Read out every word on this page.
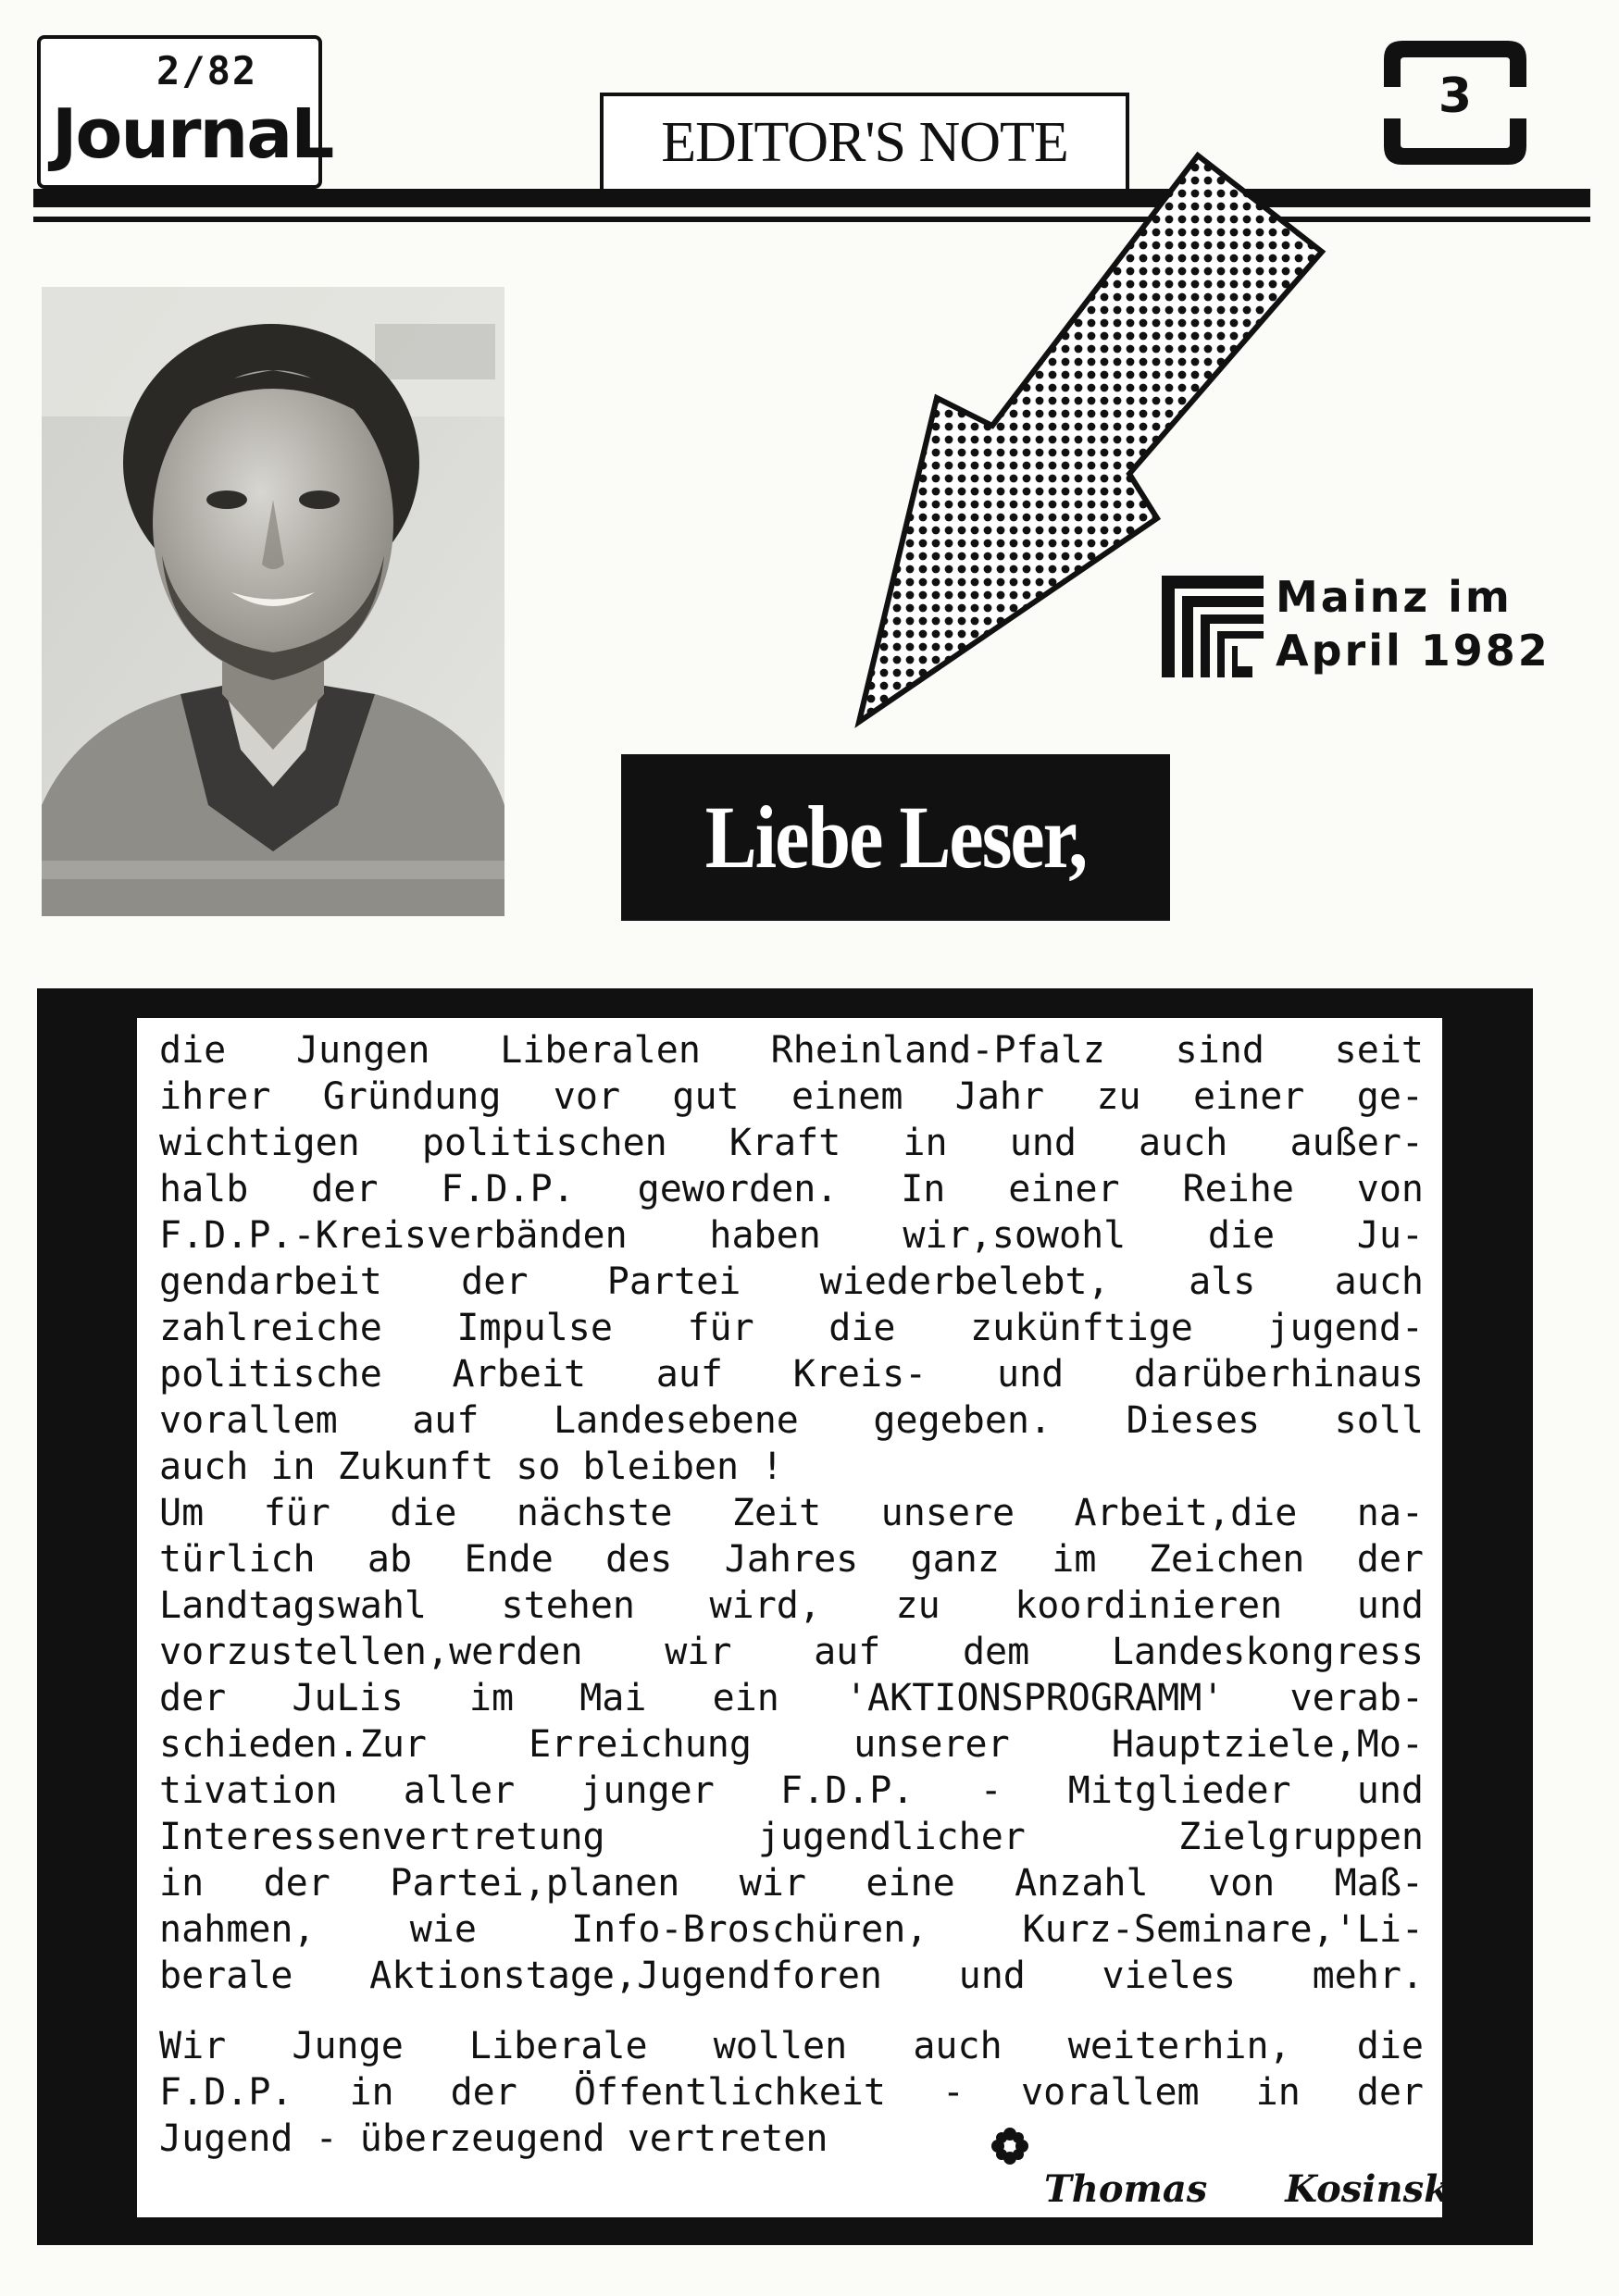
2/82
JournaL	EDITOR'S NOTE
3
Mainz im
April 1982
Liebe Leser,
die Jungen Liberalen Rheinland-Pfalz sind seit
ihrer Gründung vor gut einem Jahr zu einer ge-
wichtigen politischen Kraft in und auch außer-
halb der F.D.P. geworden. In einer Reihe von
F.D.P.-Kreisverbänden haben wir,sowohl die Ju-
gendarbeit der Partei wiederbelebt, als auch
zahlreiche Impulse für die zukünftige jugend-
politische Arbeit auf Kreis- und darüberhinaus
vorallem auf Landesebene gegeben. Dieses soll
auch in Zukunft so bleiben !
Um für die nächste Zeit unsere Arbeit,die na-
türlich ab Ende des Jahres ganz im Zeichen der
Landtagswahl stehen wird, zu koordinieren und
vorzustellen,werden wir auf dem Landeskongress
der JuLis im Mai ein 'AKTIONSPROGRAMM' verab-
schieden.Zur Erreichung unserer Hauptziele,Mo-
tivation aller junger F.D.P. - Mitglieder und
Interessenvertretung jugendlicher Zielgruppen
in der Partei,planen wir eine Anzahl von Maß-
nahmen, wie Info-Broschüren, Kurz-Seminare,'Li-
berale Aktionstage,Jugendforen und vieles mehr.
Wir Junge Liberale wollen auch weiterhin, die
F.D.P. in der Öffentlichkeit - vorallem in der
Jugend - überzeugend vertreten
Thomas Kosinsky
